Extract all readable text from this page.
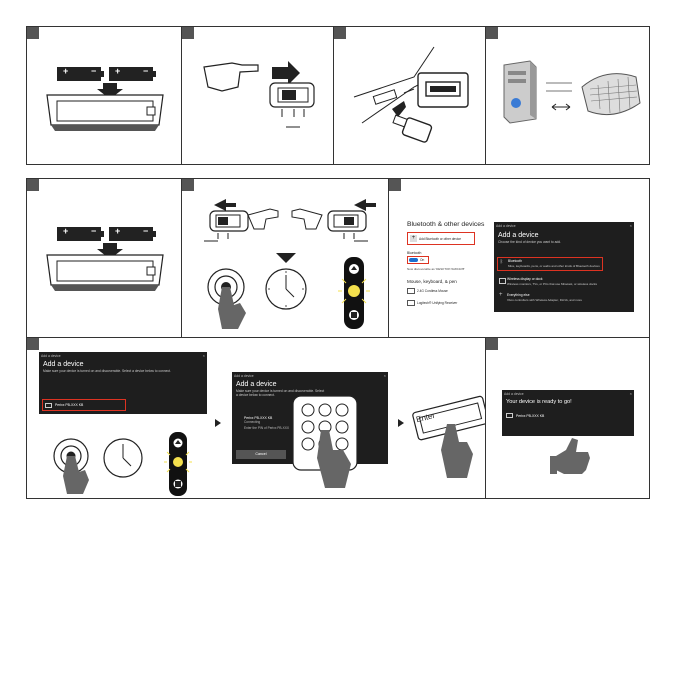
+	− +	−
+	− +	−
Bluetooth & other devices
+	Add Bluetooth or other device
Bluetooth
On
Now discoverable as 'DESKTOP-5A8C1P8'
Mouse, keyboard, & pen
2.4G Cordless Mouse
Logitech® Unifying Receiver
Add a device	×
Add a device
Choose the kind of device you want to add.
ᛒ Bluetooth
Mice, keyboards, pens, or audio and other kinds of Bluetooth devices
Wireless display or dock
Wireless monitors, TVs, or PCs that use Miracast, or wireless docks
+ Everything else
Xbox controllers with Wireless Adapter, DLNA, and more
Add a device	×
Add a device
Make sure your device is turned on and discoverable. Select a device below to connect.
Perixx PB-XXX KB
Add a device	×
Add a device
Make sure your device is turned on and discoverable. Select a device below to connect.
Perixx PB-XXX KB
Connecting
Enter the PIN of Perixx PB-XXX
Cancel
Enter
Add a device	×
Your device is ready to go!
Perixx PB-XXX KB
